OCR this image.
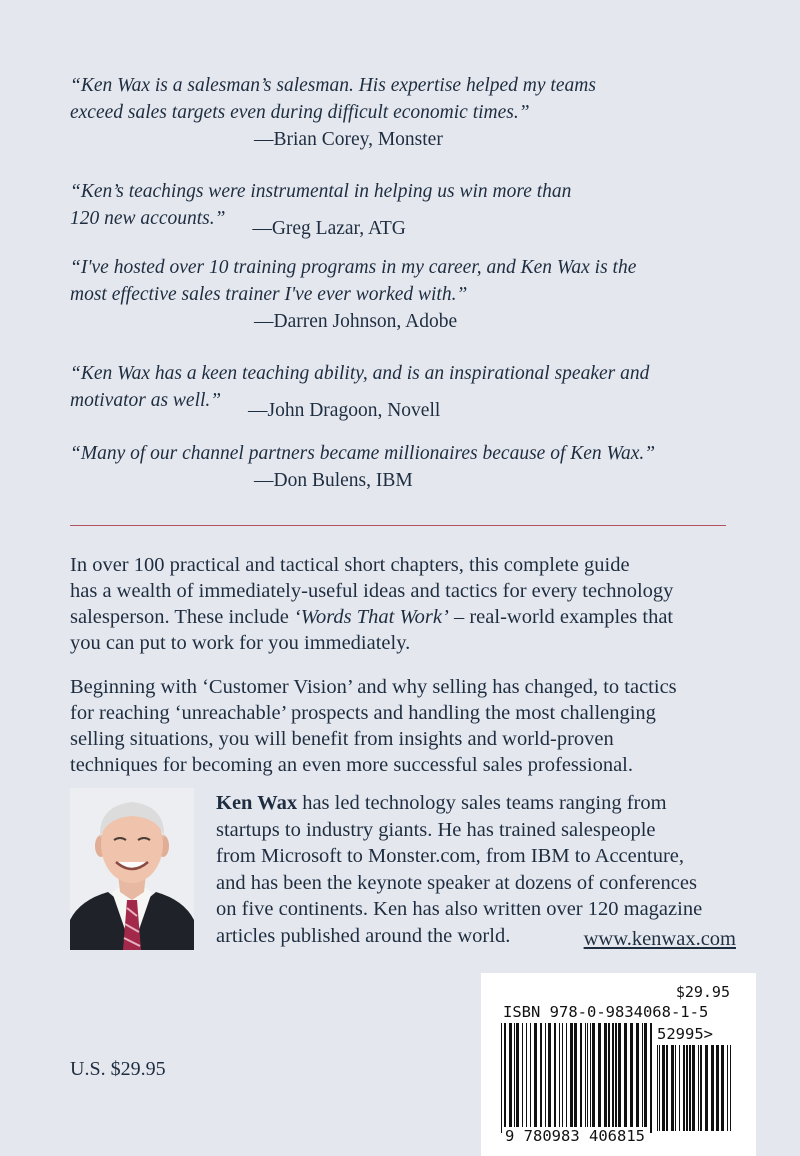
“Ken Wax is a salesman’s salesman. His expertise helped my teams
exceed sales targets even during difficult economic times.”
—Brian Corey, Monster
“Ken’s teachings were instrumental in helping us win more than
120 new accounts.” —Greg Lazar, ATG
“I've hosted over 10 training programs in my career, and Ken Wax is the
most effective sales trainer I've ever worked with.”
—Darren Johnson, Adobe
“Ken Wax has a keen teaching ability, and is an inspirational speaker and
motivator as well.” —John Dragoon, Novell
“Many of our channel partners became millionaires because of Ken Wax.”
—Don Bulens, IBM

In over 100 practical and tactical short chapters, this complete guide
has a wealth of immediately-useful ideas and tactics for every technology
salesperson. These include ‘Words That Work’ – real-world examples that
you can put to work for you immediately.

Beginning with ‘Customer Vision’ and why selling has changed, to tactics
for reaching ‘unreachable’ prospects and handling the most challenging
selling situations, you will benefit from insights and world-proven
techniques for becoming an even more successful sales professional.

Ken Wax has led technology sales teams ranging from
startups to industry giants. He has trained salespeople
from Microsoft to Monster.com, from IBM to Accenture,
and has been the keynote speaker at dozens of conferences
on five continents. Ken has also written over 120 magazine
articles published around the world.	www.kenwax.com
U.S. $29.95
$29.95
ISBN 978-0-9834068-1-5
52995>
9 780983 406815
